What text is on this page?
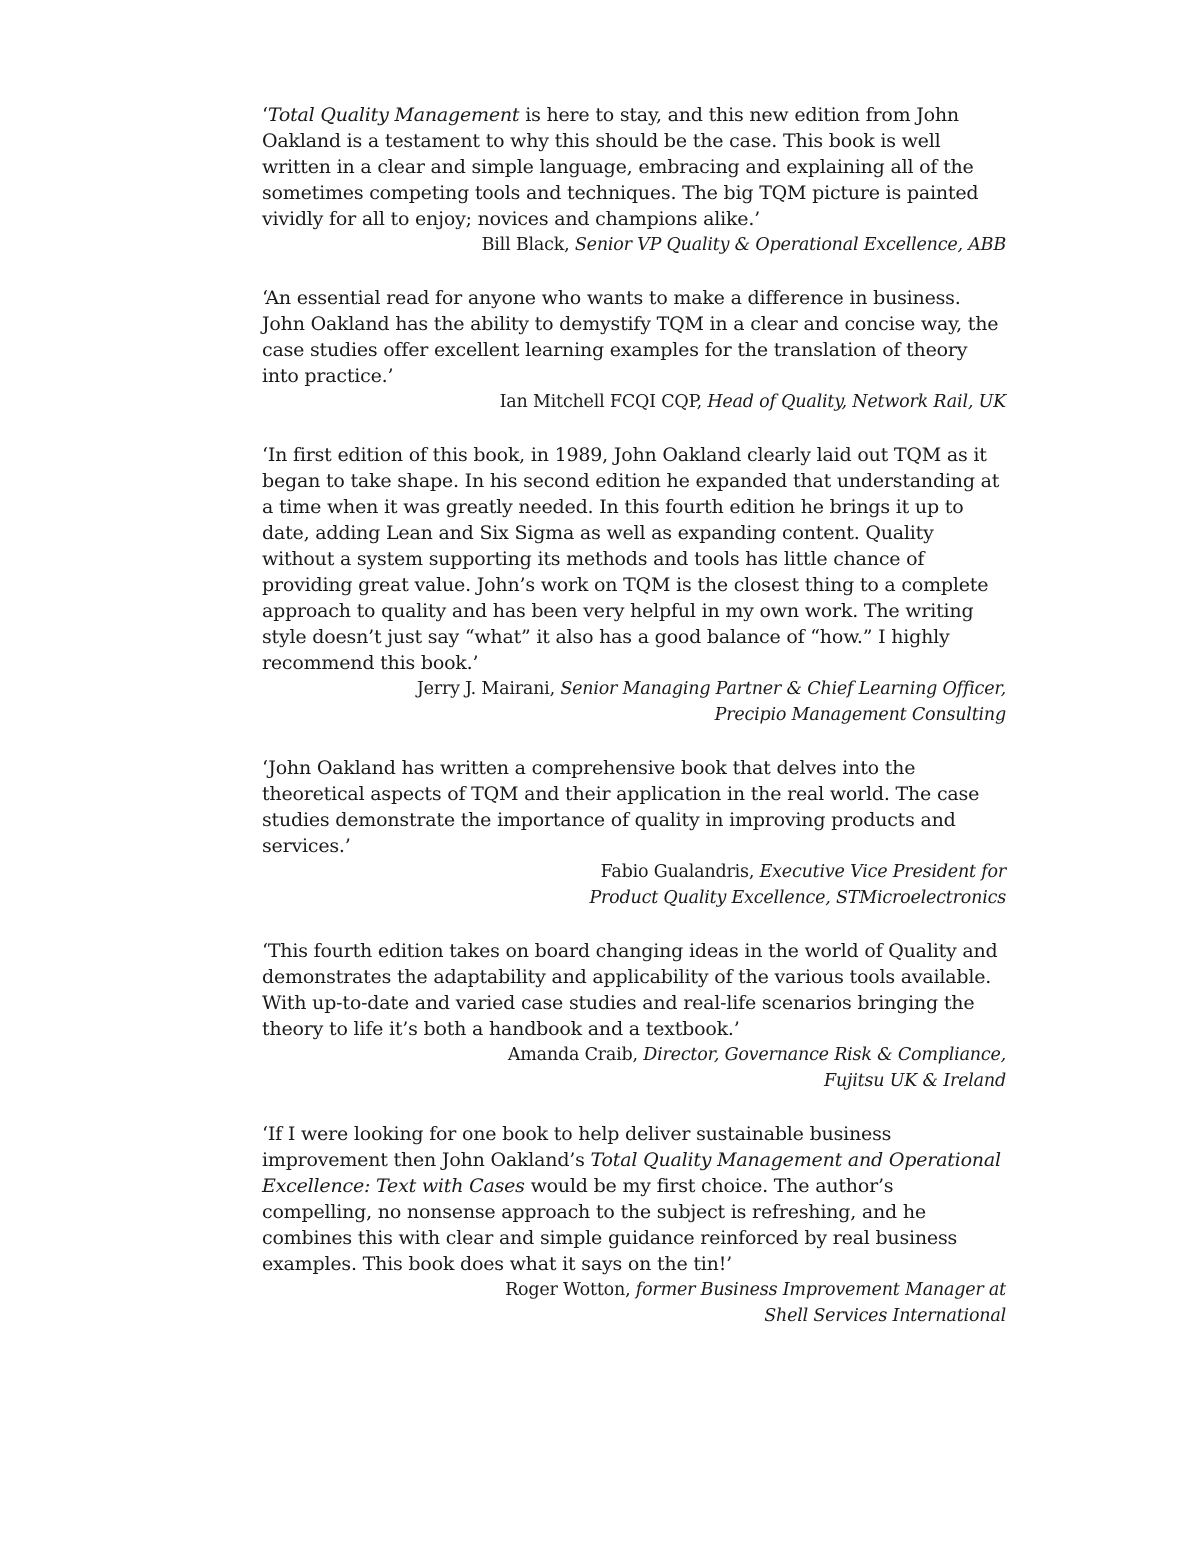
‘Total Quality Management is here to stay, and this new edition from John Oakland is a testament to why this should be the case. This book is well written in a clear and simple language, embracing and explaining all of the sometimes competing tools and techniques. The big TQM picture is painted vividly for all to enjoy; novices and champions alike.’

Bill Black, Senior VP Quality & Operational Excellence, ABB

‘An essential read for anyone who wants to make a difference in business. John Oakland has the ability to demystify TQM in a clear and concise way, the case studies offer excellent learning examples for the translation of theory into practice.’

Ian Mitchell FCQI CQP, Head of Quality, Network Rail, UK

‘In first edition of this book, in 1989, John Oakland clearly laid out TQM as it began to take shape. In his second edition he expanded that understanding at a time when it was greatly needed. In this fourth edition he brings it up to date, adding Lean and Six Sigma as well as expanding content. Quality without a system supporting its methods and tools has little chance of providing great value. John’s work on TQM is the closest thing to a complete approach to quality and has been very helpful in my own work. The writing style doesn’t just say “what” it also has a good balance of “how.” I highly recommend this book.’

Jerry J. Mairani, Senior Managing Partner & Chief Learning Officer,
Precipio Management Consulting

‘John Oakland has written a comprehensive book that delves into the theoretical aspects of TQM and their application in the real world. The case studies demonstrate the importance of quality in improving products and services.’

Fabio Gualandris, Executive Vice President for
Product Quality Excellence, STMicroelectronics

‘This fourth edition takes on board changing ideas in the world of Quality and demonstrates the adaptability and applicability of the various tools available. With up-to-date and varied case studies and real-life scenarios bringing the theory to life it’s both a handbook and a textbook.’

Amanda Craib, Director, Governance Risk & Compliance,
Fujitsu UK & Ireland

‘If I were looking for one book to help deliver sustainable business improvement then John Oakland’s Total Quality Management and Operational Excellence: Text with Cases would be my first choice. The author’s compelling, no nonsense approach to the subject is refreshing, and he combines this with clear and simple guidance reinforced by real business examples. This book does what it says on the tin!’

Roger Wotton, former Business Improvement Manager at
Shell Services International
